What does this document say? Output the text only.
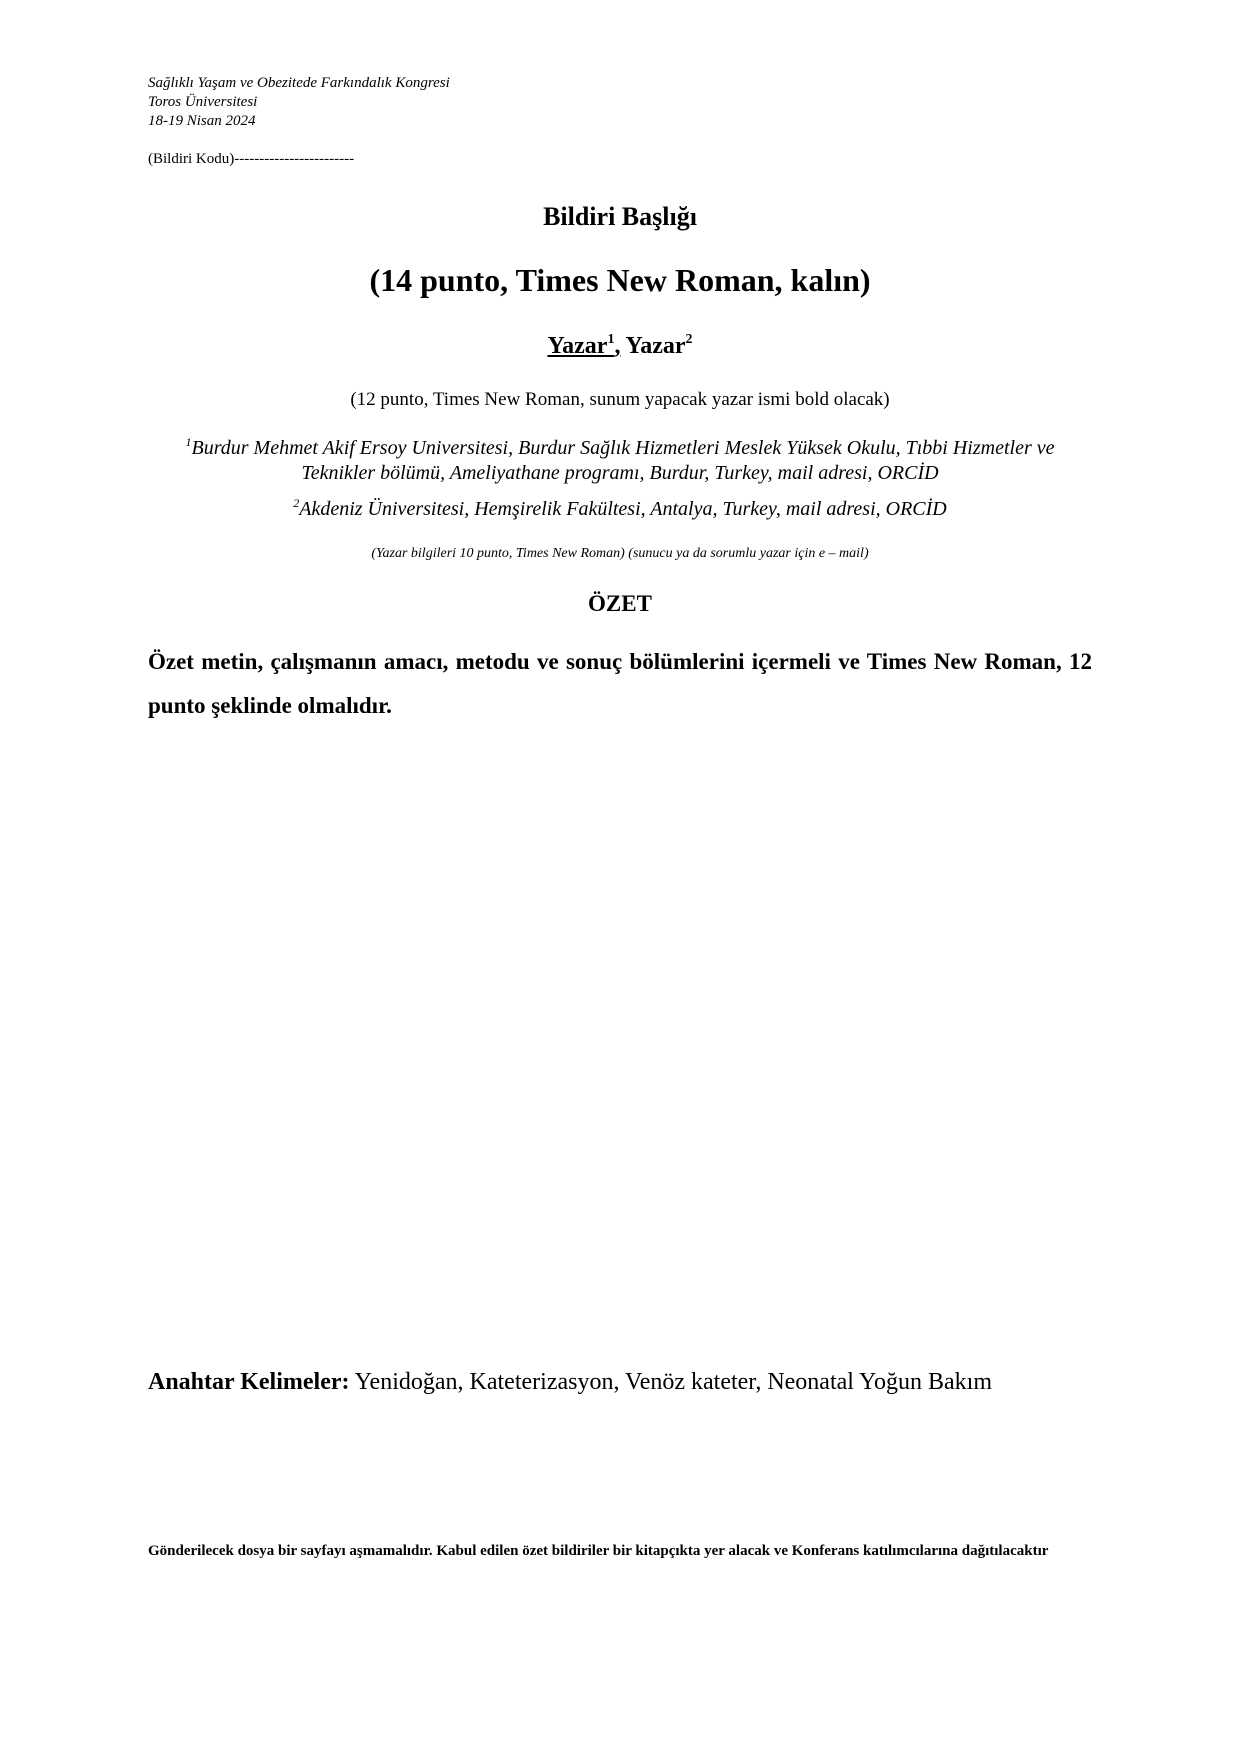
Sağlıklı Yaşam ve Obezitede Farkındalık Kongresi
Toros Üniversitesi
18-19 Nisan 2024
(Bildiri Kodu)------------------------
Bildiri Başlığı
(14 punto, Times New Roman, kalın)
Yazar$^1$, Yazar$^2$
(12 punto, Times New Roman, sunum yapacak yazar ismi bold olacak)
$^1$Burdur Mehmet Akif Ersoy Universitesi, Burdur Sağlık Hizmetleri Meslek Yüksek Okulu, Tıbbi Hizmetler ve Teknikler bölümü, Ameliyathane programı, Burdur, Turkey, mail adresi, ORCİD
$^2$Akdeniz Üniversitesi, Hemşirelik Fakültesi, Antalya, Turkey, mail adresi, ORCİD
(Yazar bilgileri 10 punto, Times New Roman) (sunucu ya da sorumlu yazar için e – mail)
ÖZET
Özet metin, çalışmanın amacı, metodu ve sonuç bölümlerini içermeli ve Times New Roman, 12 punto şeklinde olmalıdır.
Anahtar Kelimeler: Yenidoğan, Kateterizasyon, Venöz kateter, Neonatal Yoğun Bakım
Gönderilecek dosya bir sayfayı aşmamalıdır. Kabul edilen özet bildiriler bir kitapçıkta yer alacak ve Konferans katılımcılarına dağıtılacaktır
